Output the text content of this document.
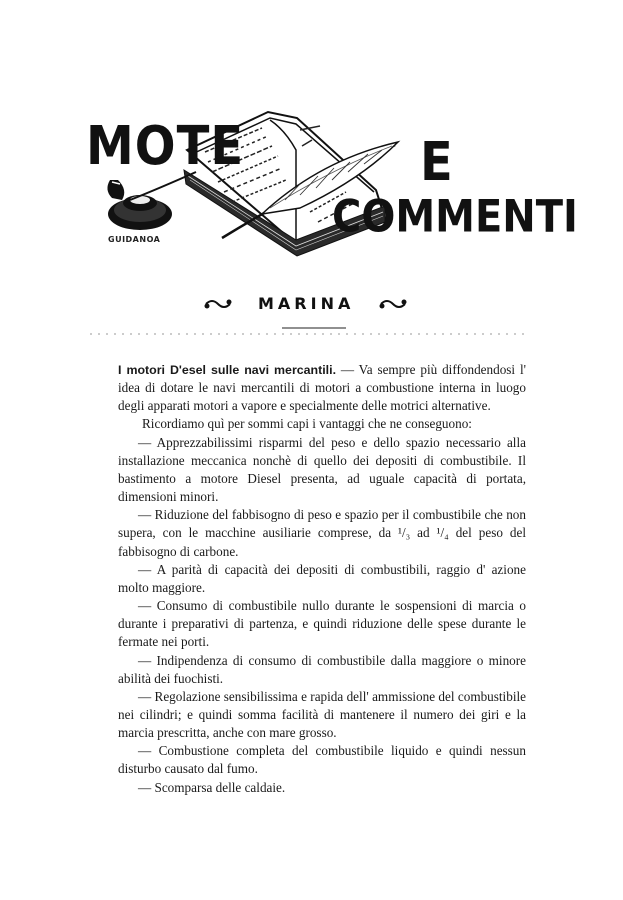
MOTE	E
COMMENTI
GUIDANOA
MARINA

I motori D'esel sulle navi mercantili. — Va sempre più diffondendosi l' idea di dotare le navi mercantili di motori a combustione interna in luogo degli apparati motori a vapore e specialmente delle motrici alternative.

Ricordiamo quì per sommi capi i vantaggi che ne conseguono:

— Apprezzabilissimi risparmi del peso e dello spazio necessario alla installazione meccanica nonchè di quello dei depositi di combustibile. Il bastimento a motore Diesel presenta, ad uguale capacità di portata, dimensioni minori.

— Riduzione del fabbisogno di peso e spazio per il combustibile che non supera, con le macchine ausiliarie comprese, da ¹/₃ ad ¹/₄ del peso del fabbisogno di carbone.

— A parità di capacità dei depositi di combustibili, raggio d' azione molto maggiore.

— Consumo di combustibile nullo durante le sospensioni di marcia o durante i preparativi di partenza, e quindi riduzione delle spese durante le fermate nei porti.

— Indipendenza di consumo di combustibile dalla maggiore o minore abilità dei fuochisti.

— Regolazione sensibilissima e rapida dell' ammissione del combustibile nei cilindri; e quindi somma facilità di mantenere il numero dei giri e la marcia prescritta, anche con mare grosso.

— Combustione completa del combustibile liquido e quindi nessun disturbo causato dal fumo.

— Scomparsa delle caldaie.
